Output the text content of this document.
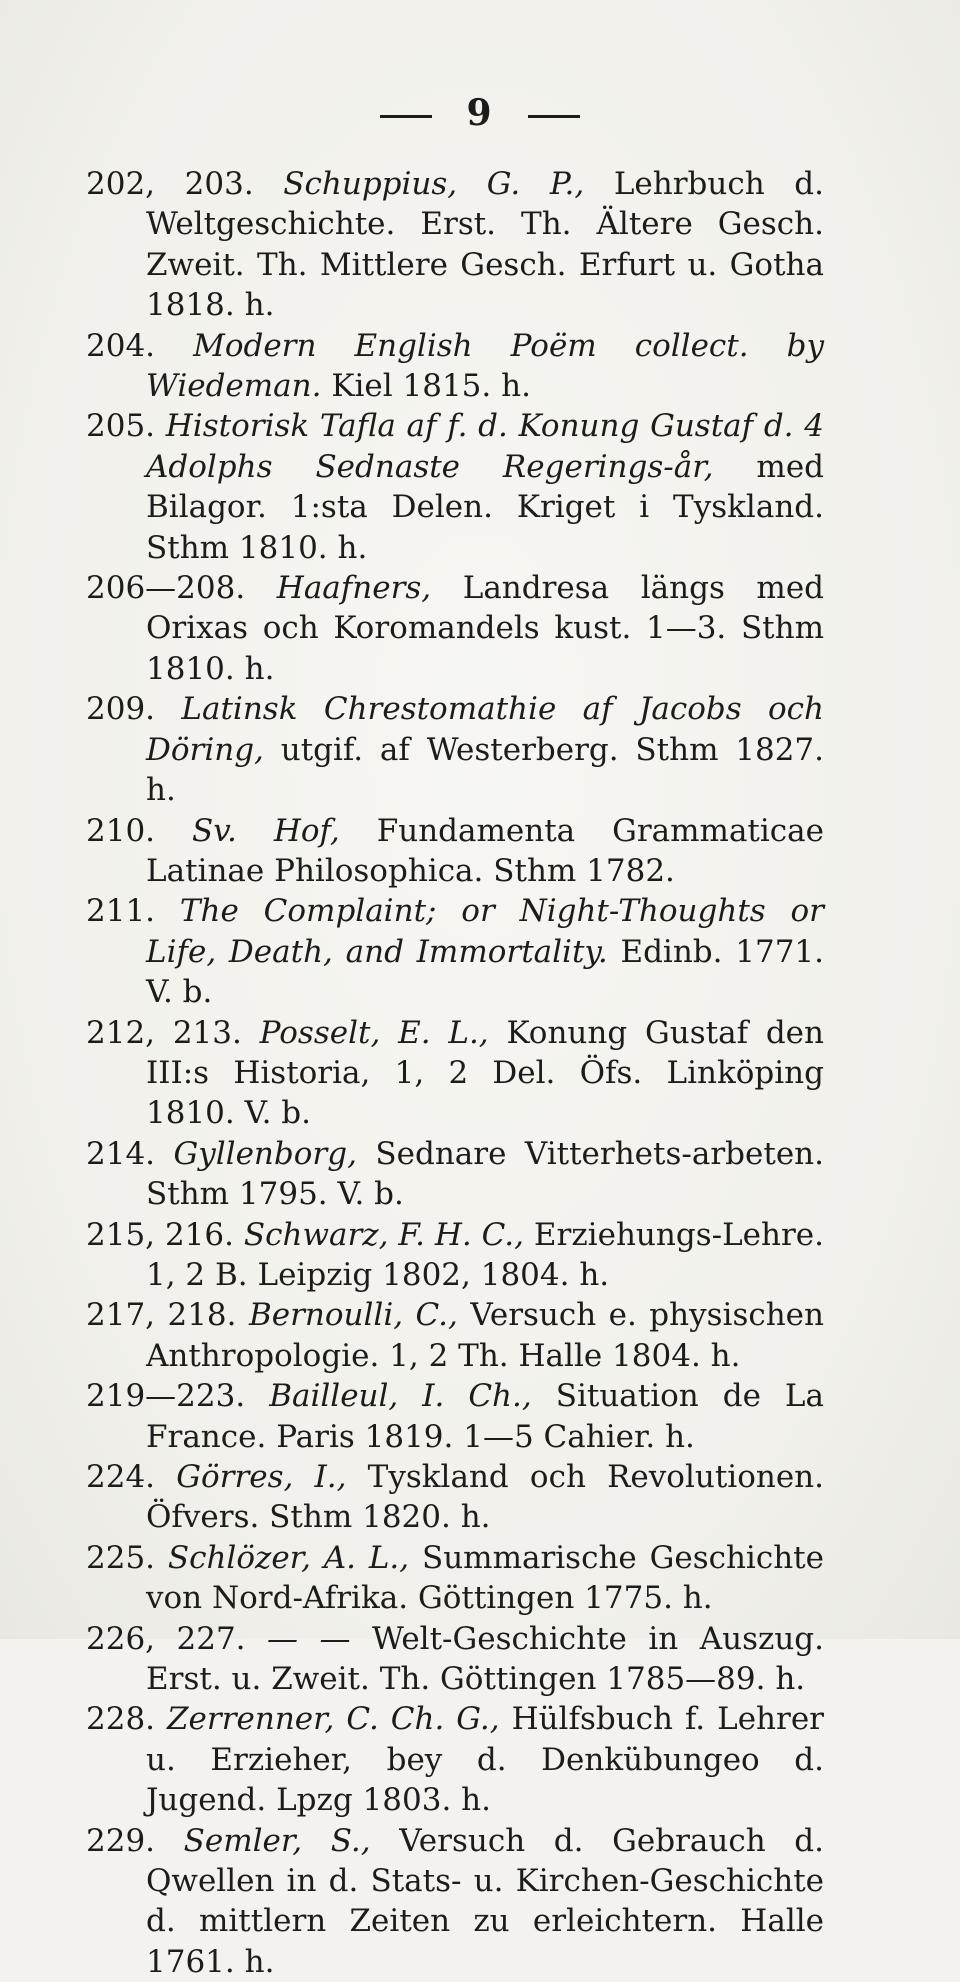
9

202, 203. Schuppius, G. P., Lehrbuch d. Weltgeschichte. Erst. Th. Ältere Gesch. Zweit. Th. Mittlere Gesch. Erfurt u. Gotha 1818. h.

204. Modern English Poëm collect. by Wiedeman. Kiel 1815. h.

205. Historisk Tafla af f. d. Konung Gustaf d. 4 Adolphs Sednaste Regerings-år, med Bilagor. 1:sta Delen. Kriget i Tyskland. Sthm 1810. h.

206—208. Haafners, Landresa längs med Orixas och Koromandels kust. 1—3. Sthm 1810. h.

209. Latinsk Chrestomathie af Jacobs och Döring, utgif. af Westerberg. Sthm 1827. h.

210. Sv. Hof, Fundamenta Grammaticae Latinae Philosophica. Sthm 1782.

211. The Complaint; or Night-Thoughts or Life, Death, and Immortality. Edinb. 1771. V. b.

212, 213. Posselt, E. L., Konung Gustaf den III:s Historia, 1, 2 Del. Öfs. Linköping 1810. V. b.

214. Gyllenborg, Sednare Vitterhets-arbeten. Sthm 1795. V. b.

215, 216. Schwarz, F. H. C., Erziehungs-Lehre. 1, 2 B. Leipzig 1802, 1804. h.

217, 218. Bernoulli, C., Versuch e. physischen Anthropologie. 1, 2 Th. Halle 1804. h.

219—223. Bailleul, I. Ch., Situation de La France. Paris 1819. 1—5 Cahier. h.

224. Görres, I., Tyskland och Revolutionen. Öfvers. Sthm 1820. h.

225. Schlözer, A. L., Summarische Geschichte von Nord-Afrika. Göttingen 1775. h.

226, 227. — — Welt-Geschichte in Auszug. Erst. u. Zweit. Th. Göttingen 1785—89. h.

228. Zerrenner, C. Ch. G., Hülfsbuch f. Lehrer u. Erzieher, bey d. Denkübungeo d. Jugend. Lpzg 1803. h.

229. Semler, S., Versuch d. Gebrauch d. Qwellen in d. Stats- u. Kirchen-Geschichte d. mittlern Zeiten zu erleichtern. Halle 1761. h.
